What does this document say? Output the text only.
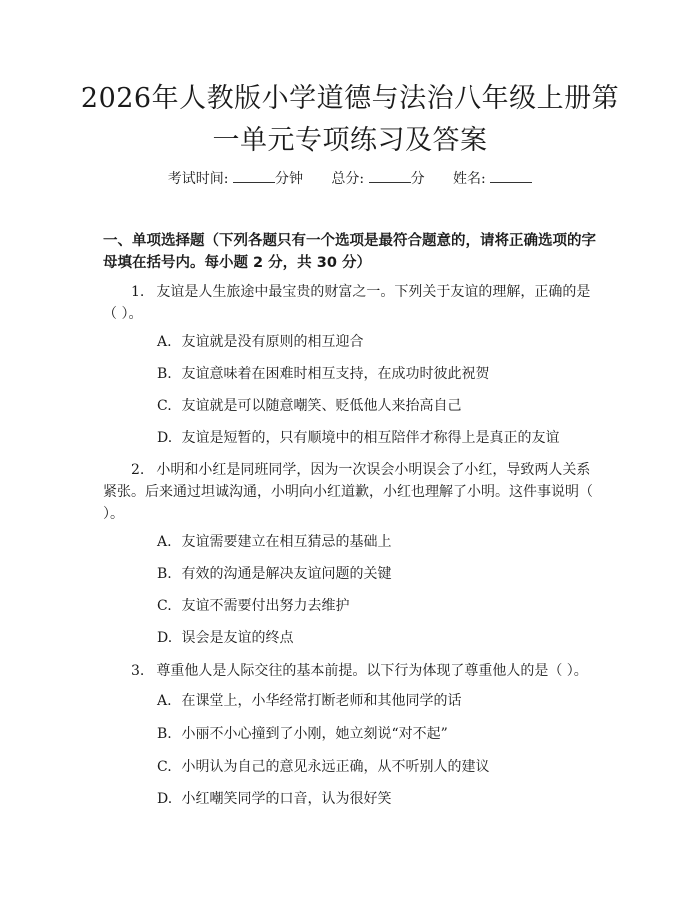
2026年人教版小学道德与法治八年级上册第
一单元专项练习及答案
考试时间:	分钟 总分:	分 姓名:
一、单项选择题（下列各题只有一个选项是最符合题意的，请将正确选项的字母填在括号内。每小题 2 分，共 30 分）
1. 友谊是人生旅途中最宝贵的财富之一。下列关于友谊的理解，正确的是（ ）。
A. 友谊就是没有原则的相互迎合
B. 友谊意味着在困难时相互支持，在成功时彼此祝贺
C. 友谊就是可以随意嘲笑、贬低他人来抬高自己
D. 友谊是短暂的，只有顺境中的相互陪伴才称得上是真正的友谊
2. 小明和小红是同班同学，因为一次误会小明误会了小红，导致两人关系紧张。后来通过坦诚沟通，小明向小红道歉，小红也理解了小明。这件事说明（ ）。
A. 友谊需要建立在相互猜忌的基础上
B. 有效的沟通是解决友谊问题的关键
C. 友谊不需要付出努力去维护
D. 误会是友谊的终点
3. 尊重他人是人际交往的基本前提。以下行为体现了尊重他人的是（ ）。
A. 在课堂上，小华经常打断老师和其他同学的话
B. 小丽不小心撞到了小刚，她立刻说“对不起”
C. 小明认为自己的意见永远正确，从不听别人的建议
D. 小红嘲笑同学的口音，认为很好笑
